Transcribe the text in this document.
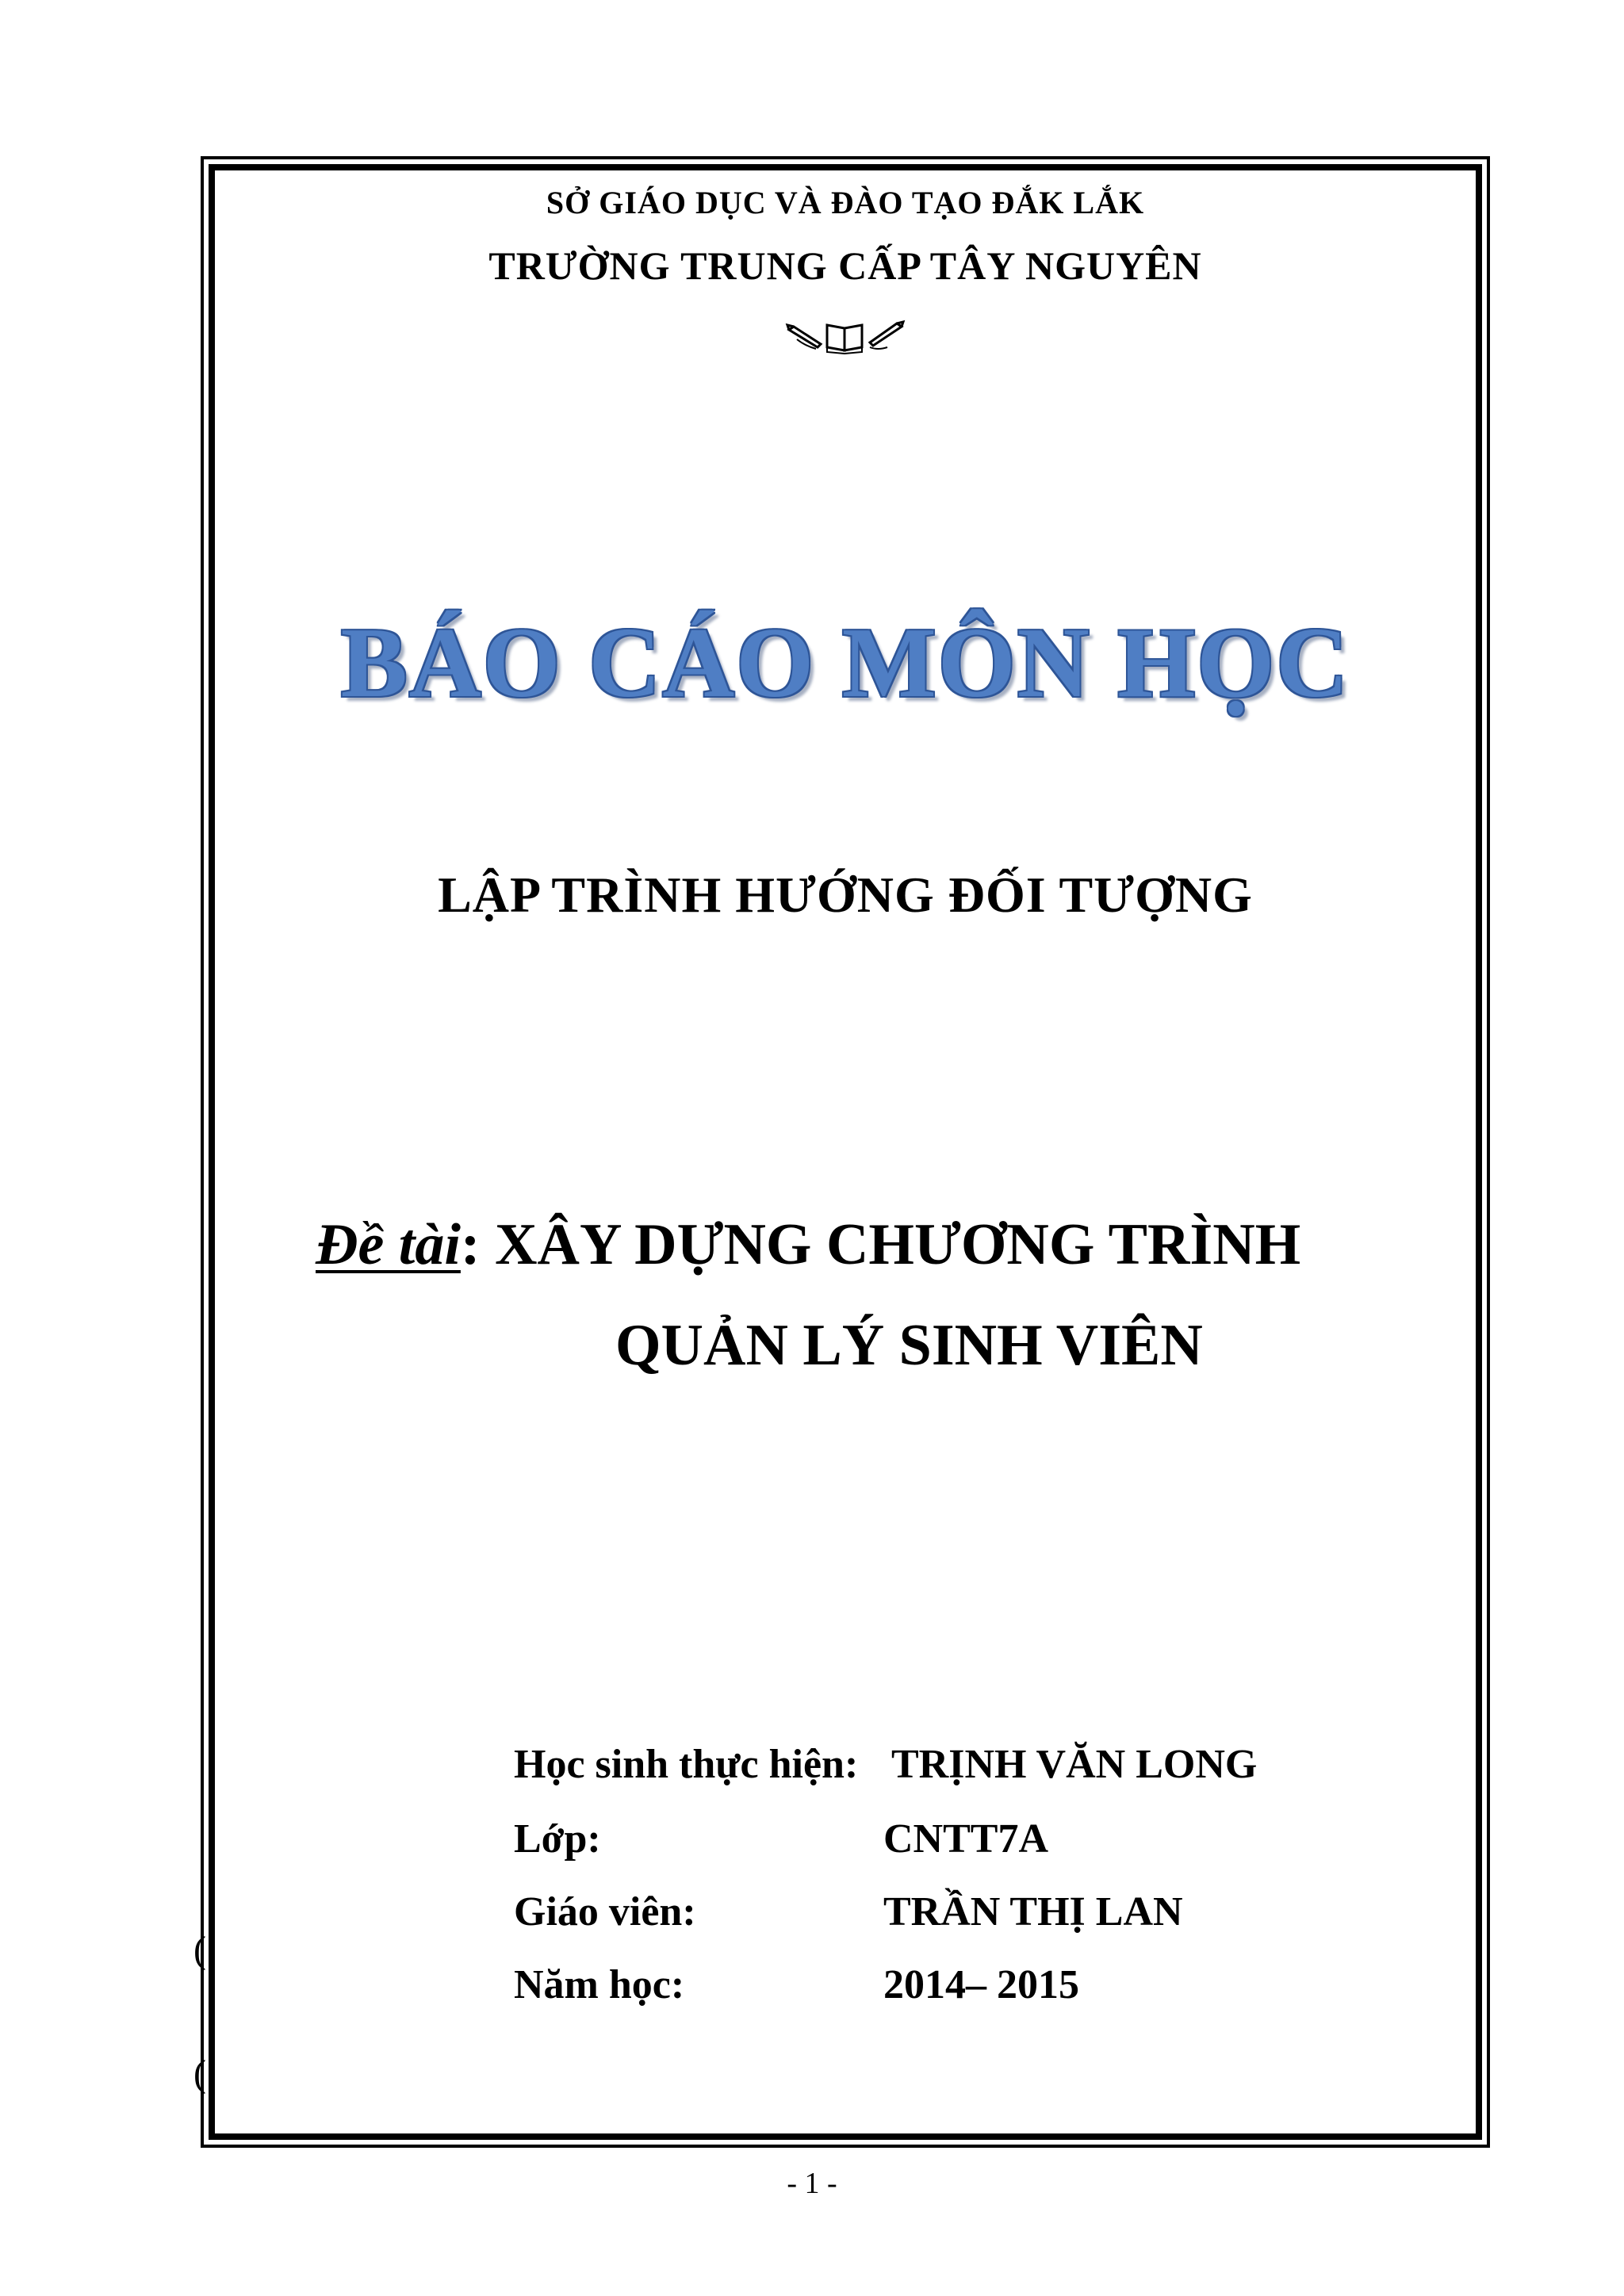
SỞ GIÁO DỤC VÀ ĐÀO TẠO ĐẮK LẮK
TRƯỜNG TRUNG CẤP TÂY NGUYÊN
BÁO CÁO MÔN HỌC
LẬP TRÌNH HƯỚNG ĐỐI TƯỢNG
Đề tài: XÂY DỰNG CHƯƠNG TRÌNH
QUẢN LÝ SINH VIÊN
Học sinh thực hiện: TRỊNH VĂN LONG
Lớp:	CNTT7A
Giáo viên:	TRẦN THỊ LAN
Năm học:	2014– 2015
(
(
- 1 -
